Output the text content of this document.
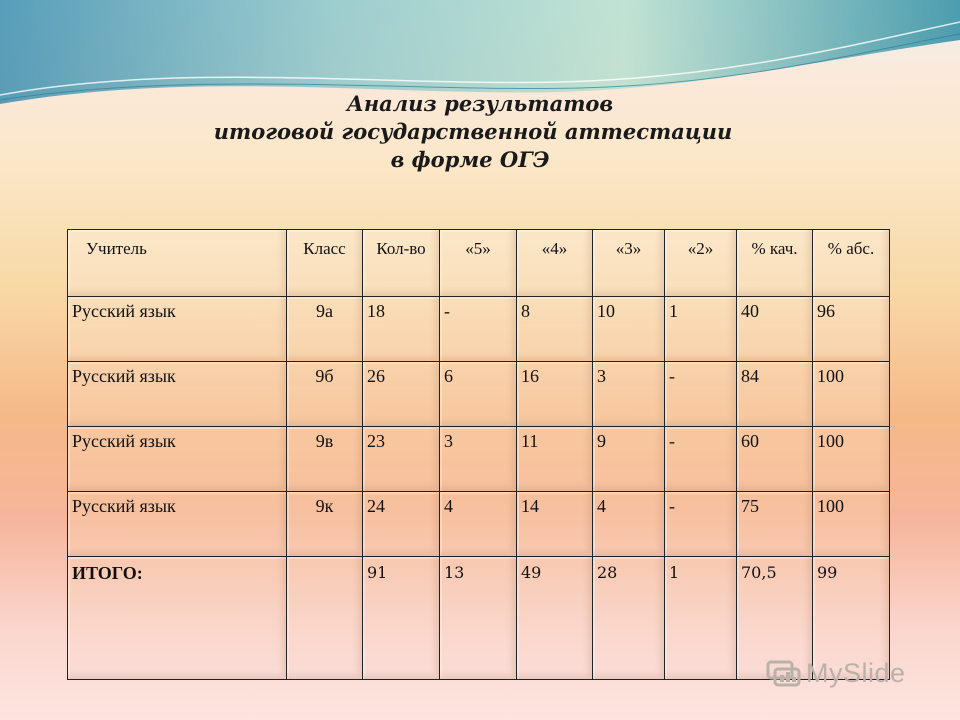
Анализ результатов
итоговой государственной аттестации
в форме ОГЭ
Учитель	Класс	Кол-во	«5»	«4»	«3»	«2»	% кач.	% абс.
Русский язык	9а	18	-	8	10	1	40	96
Русский язык	9б	26	6	16	3	-	84	100
Русский язык	9в	23	3	11	9	-	60	100
Русский язык	9к	24	4	14	4	-	75	100
ИТОГО:		91	13	49	28	1	70,5	99
MySlide
